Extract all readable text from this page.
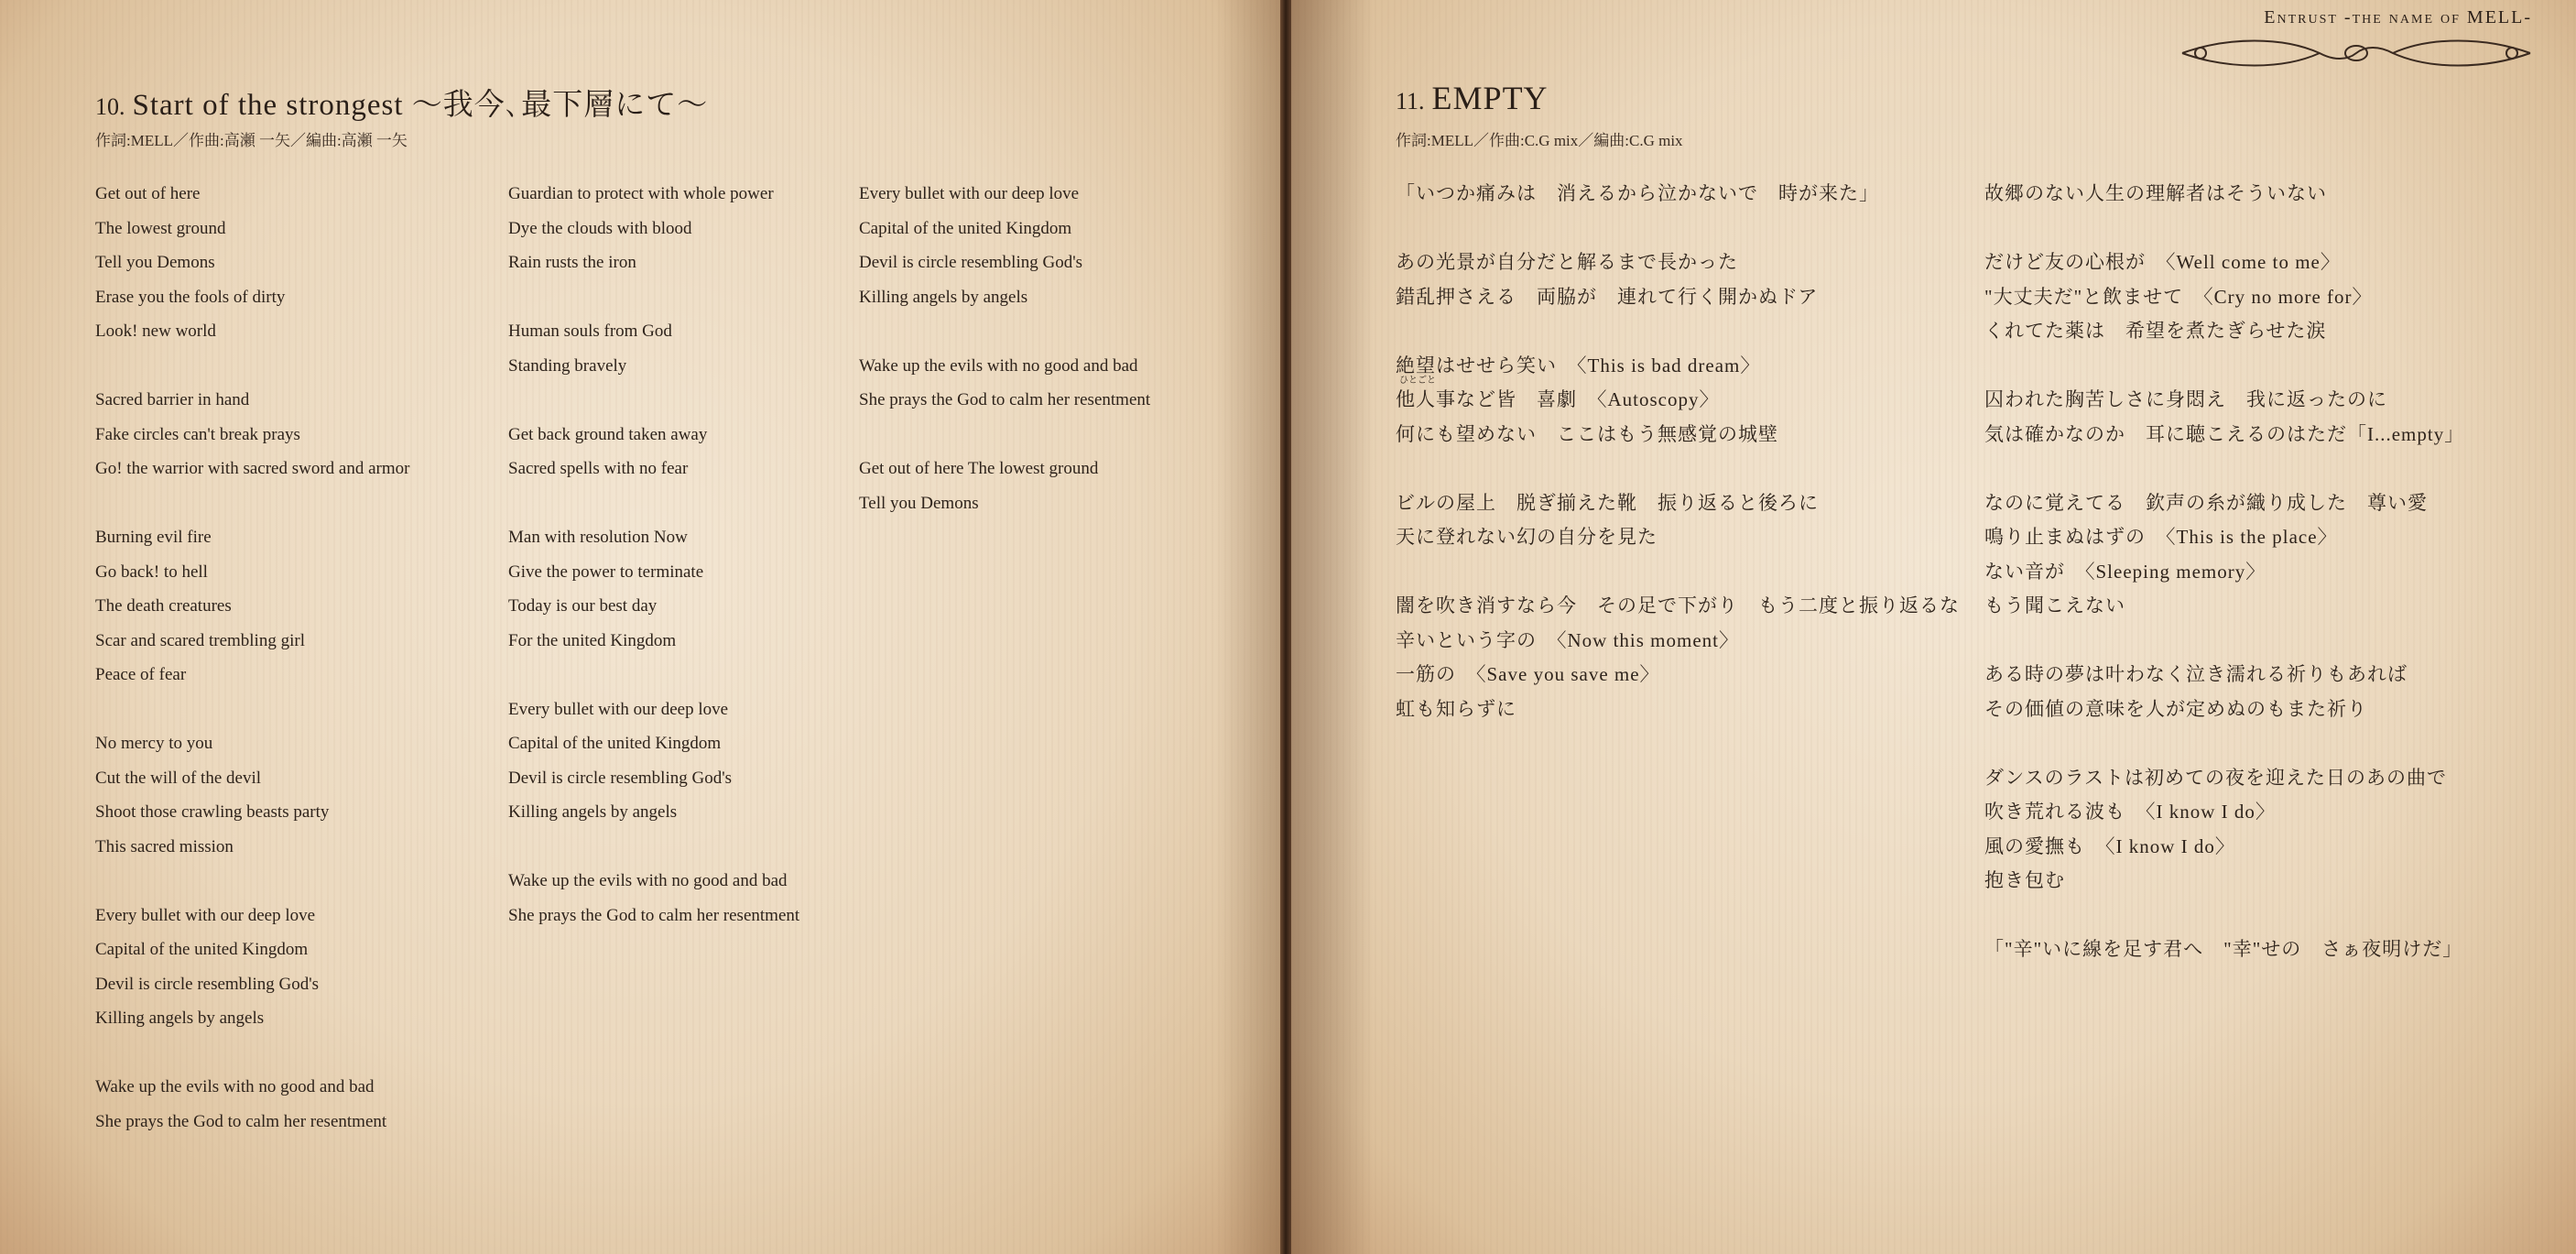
10. Start of the strongest ～我今､最下層にて～
作詞:MELL／作曲:高瀬 一矢／編曲:高瀬 一矢
Get out of here
The lowest ground
Tell you Demons
Erase you the fools of dirty
Look! new world
Sacred barrier in hand
Fake circles can't break prays
Go! the warrior with sacred sword and armor
Burning evil fire
Go back! to hell
The death creatures
Scar and scared trembling girl
Peace of fear
No mercy to you
Cut the will of the devil
Shoot those crawling beasts party
This sacred mission
Every bullet with our deep love
Capital of the united Kingdom
Devil is circle resembling God's
Killing angels by angels
Wake up the evils with no good and bad
She prays the God to calm her resentment
Guardian to protect with whole power
Dye the clouds with blood
Rain rusts the iron
Human souls from God
Standing bravely
Get back ground taken away
Sacred spells with no fear
Man with resolution Now
Give the power to terminate
Today is our best day
For the united Kingdom
Every bullet with our deep love
Capital of the united Kingdom
Devil is circle resembling God's
Killing angels by angels
Wake up the evils with no good and bad
She prays the God to calm her resentment
Every bullet with our deep love
Capital of the united Kingdom
Devil is circle resembling God's
Killing angels by angels
Wake up the evils with no good and bad
She prays the God to calm her resentment
Get out of here The lowest ground
Tell you Demons
Entrust -the name of MELL-
11. EMPTY
作詞:MELL／作曲:C.G mix／編曲:C.G mix
「いつか痛みは　消えるから泣かないで　時が来た」
あの光景が自分だと解るまで長かった
錯乱押さえる　両脇が　連れて行く開かぬドア
絶望はせせら笑い　〈This is bad dream〉
他人事
ひとごと
など皆　喜劇　〈Autoscopy〉
何にも望めない　ここはもう無感覚の城壁
ビルの屋上　脱ぎ揃えた靴　振り返ると後ろに
天に登れない幻の自分を見た
闇を吹き消すなら今　その足で下がり　もう二度と振り返るな
辛いという字の　〈Now this moment〉
一筋の　〈Save you save me〉
虹も知らずに
故郷のない人生の理解者はそういない
だけど友の心根が　〈Well come to me〉
"大丈夫だ"と飲ませて　〈Cry no more for〉
くれてた薬は　希望を煮たぎらせた涙
囚われた胸苦しさに身悶え　我に返ったのに
気は確かなのか　耳に聴こえるのはただ「I...empty」
なのに覚えてる　欽声の糸が織り成した　尊い愛
鳴り止まぬはずの　〈This is the place〉
ない音が　〈Sleeping memory〉
もう聞こえない
ある時の夢は叶わなく泣き濡れる祈りもあれば
その価値の意味を人が定めぬのもまた祈り
ダンスのラストは初めての夜を迎えた日のあの曲で
吹き荒れる波も　〈I know I do〉
風の愛撫も　〈I know I do〉
抱き包む
「"辛"いに線を足す君へ　"幸"せの　さぁ夜明けだ」
